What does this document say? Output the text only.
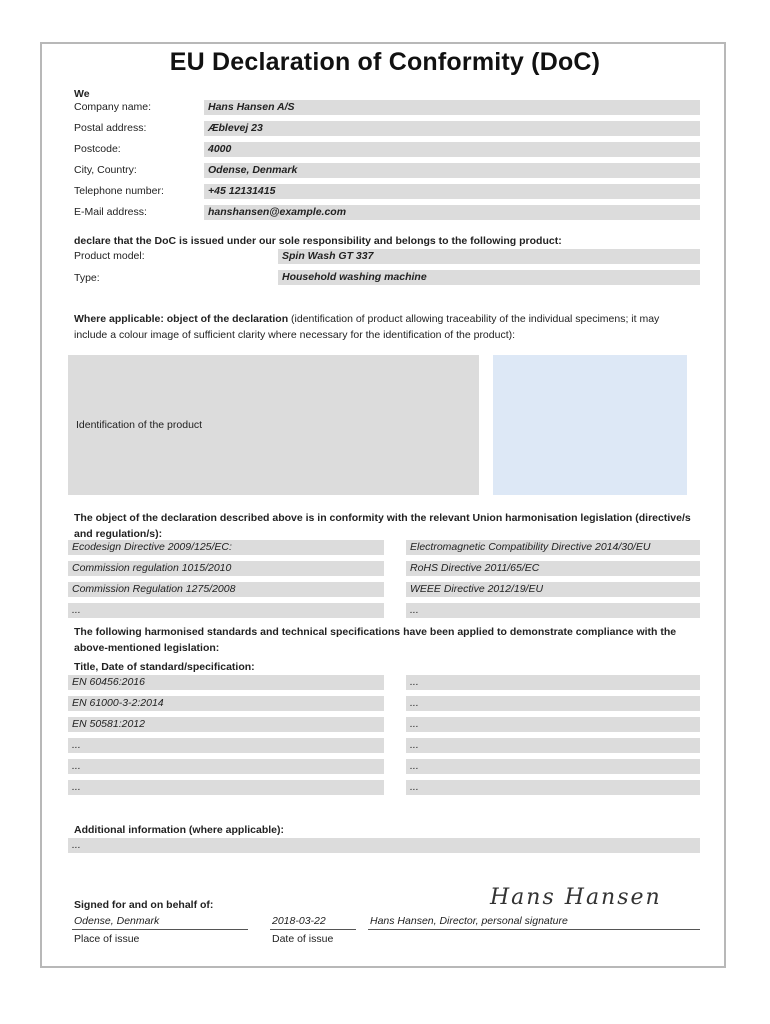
EU Declaration of Conformity (DoC)
We
Company name:	Hans Hansen A/S
Postal address:	Æblevej 23
Postcode:	4000
City, Country:	Odense, Denmark
Telephone number:	+45 12131415
E-Mail address:	hanshansen@example.com
declare that the DoC is issued under our sole responsibility and belongs to the following product:
Product model:	Spin Wash GT 337
Type:	Household washing machine
Where applicable: object of the declaration (identification of product allowing traceability of the individual specimens; it may include a colour image of sufficient clarity where necessary for the identification of the product):
Identification of the product
The object of the declaration described above is in conformity with the relevant Union harmonisation legislation (directive/s and regulation/s):
Ecodesign Directive 2009/125/EC:	Electromagnetic Compatibility Directive 2014/30/EU
Commission regulation 1015/2010	RoHS Directive 2011/65/EC
Commission Regulation 1275/2008	WEEE Directive 2012/19/EU
...	...
The following harmonised standards and technical specifications have been applied to demonstrate compliance with the above-mentioned legislation:
Title, Date of standard/specification:
EN 60456:2016	...
EN 61000-3-2:2014	...
EN 50581:2012	...
...	...
...	...
...	...
Additional information (where applicable):
...
Signed for and on behalf of:	Hans Hansen
Odense, Denmark	2018-03-22	Hans Hansen, Director, personal signature
Place of issue	Date of issue
